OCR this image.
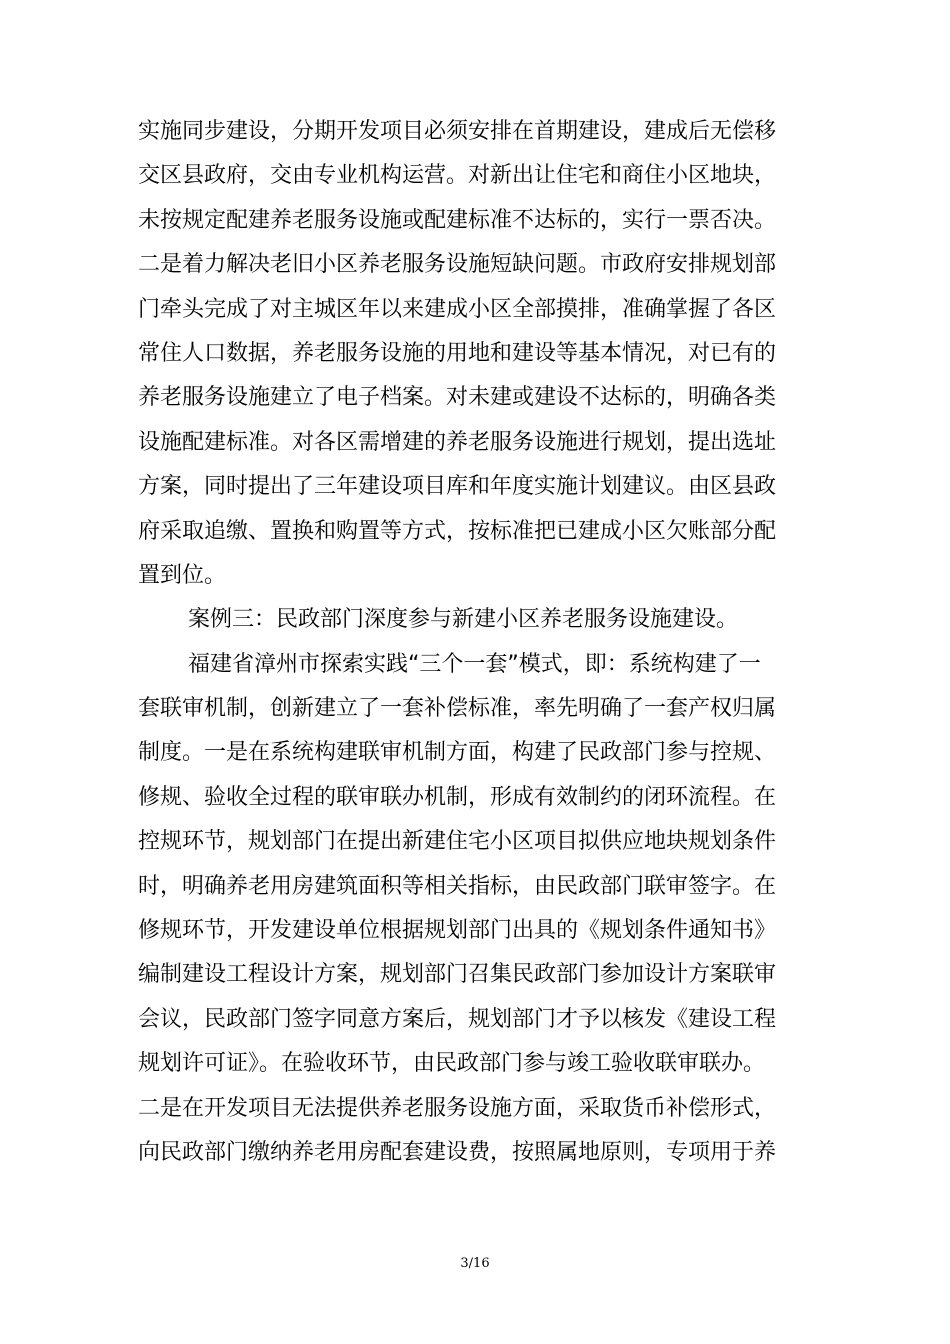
实施同步建设，分期开发项目必须安排在首期建设，建成后无偿移
交区县政府，交由专业机构运营。对新出让住宅和商住小区地块，
未按规定配建养老服务设施或配建标准不达标的，实行一票否决。
二是着力解决老旧小区养老服务设施短缺问题。市政府安排规划部
门牵头完成了对主城区年以来建成小区全部摸排，准确掌握了各区
常住人口数据，养老服务设施的用地和建设等基本情况，对已有的
养老服务设施建立了电子档案。对未建或建设不达标的，明确各类
设施配建标准。对各区需增建的养老服务设施进行规划，提出选址
方案，同时提出了三年建设项目库和年度实施计划建议。由区县政
府采取追缴、置换和购置等方式，按标准把已建成小区欠账部分配
置到位。
案例三：民政部门深度参与新建小区养老服务设施建设。
福建省漳州市探索实践“三个一套”模式，即：系统构建了一
套联审机制，创新建立了一套补偿标准，率先明确了一套产权归属
制度。一是在系统构建联审机制方面，构建了民政部门参与控规、
修规、验收全过程的联审联办机制，形成有效制约的闭环流程。在
控规环节，规划部门在提出新建住宅小区项目拟供应地块规划条件
时，明确养老用房建筑面积等相关指标，由民政部门联审签字。在
修规环节，开发建设单位根据规划部门出具的《规划条件通知书》
编制建设工程设计方案，规划部门召集民政部门参加设计方案联审
会议，民政部门签字同意方案后，规划部门才予以核发《建设工程
规划许可证》。在验收环节，由民政部门参与竣工验收联审联办。
二是在开发项目无法提供养老服务设施方面，采取货币补偿形式，
向民政部门缴纳养老用房配套建设费，按照属地原则，专项用于养
3/16
